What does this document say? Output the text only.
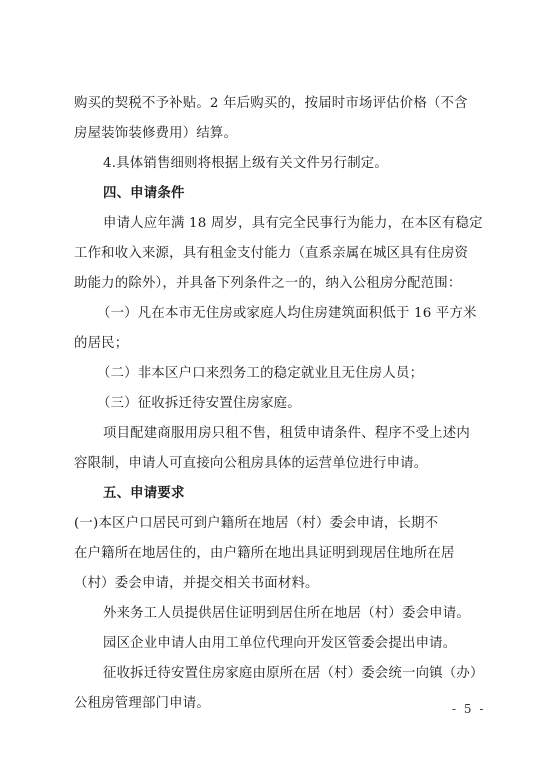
购买的契税不予补贴。2 年后购买的，按届时市场评估价格（不含
房屋装饰装修费用）结算。
4.具体销售细则将根据上级有关文件另行制定。
四、申请条件
申请人应年满 18 周岁，具有完全民事行为能力，在本区有稳定
工作和收入来源，具有租金支付能力（直系亲属在城区具有住房资
助能力的除外），并具备下列条件之一的，纳入公租房分配范围：
（一）凡在本市无住房或家庭人均住房建筑面积低于 16 平方米
的居民；
（二）非本区户口来烈务工的稳定就业且无住房人员；
（三）征收拆迁待安置住房家庭。
项目配建商服用房只租不售，租赁申请条件、程序不受上述内
容限制，申请人可直接向公租房具体的运营单位进行申请。
五、申请要求
(一)本区户口居民可到户籍所在地居（村）委会申请，长期不
在户籍所在地居住的，由户籍所在地出具证明到现居住地所在居
（村）委会申请，并提交相关书面材料。
外来务工人员提供居住证明到居住所在地居（村）委会申请。
园区企业申请人由用工单位代理向开发区管委会提出申请。
征收拆迁待安置住房家庭由原所在居（村）委会统一向镇（办）
公租房管理部门申请。	- 5 -
